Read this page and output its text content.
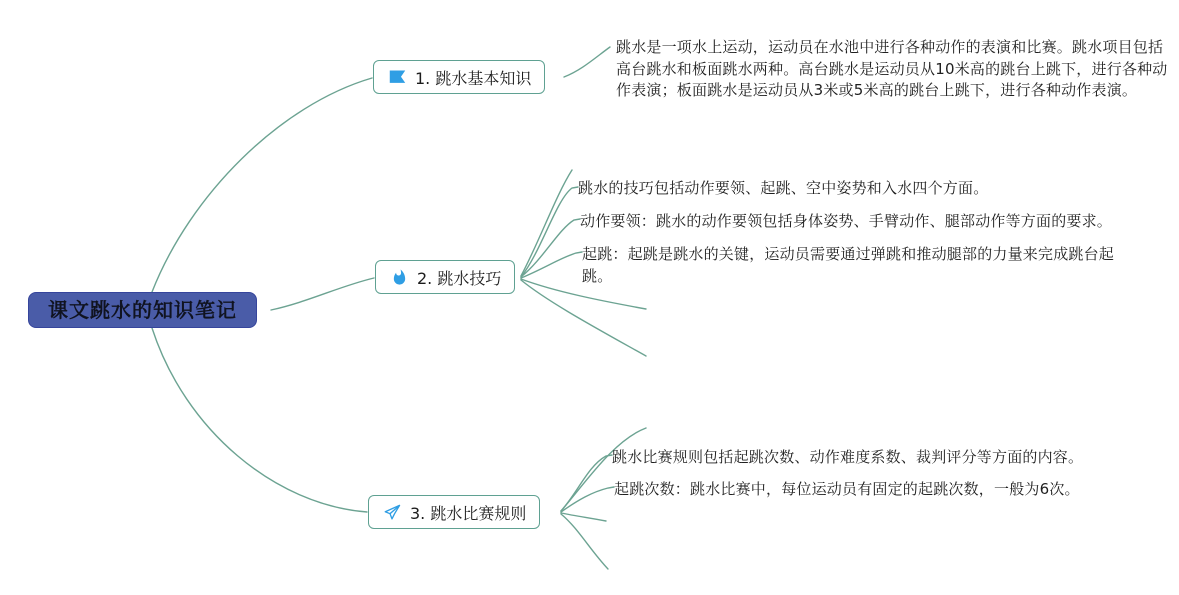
课文跳水的知识笔记
1. 跳水基本知识
2. 跳水技巧
3. 跳水比赛规则
跳水是一项水上运动，运动员在水池中进行各种动作的表演和比赛。跳水项目包括高台跳水和板面跳水两种。高台跳水是运动员从10米高的跳台上跳下，进行各种动作表演；板面跳水是运动员从3米或5米高的跳台上跳下，进行各种动作表演。
跳水的技巧包括动作要领、起跳、空中姿势和入水四个方面。
动作要领：跳水的动作要领包括身体姿势、手臂动作、腿部动作等方面的要求。
起跳：起跳是跳水的关键，运动员需要通过弹跳和推动腿部的力量来完成跳台起跳。
跳水比赛规则包括起跳次数、动作难度系数、裁判评分等方面的内容。
起跳次数：跳水比赛中，每位运动员有固定的起跳次数，一般为6次。
